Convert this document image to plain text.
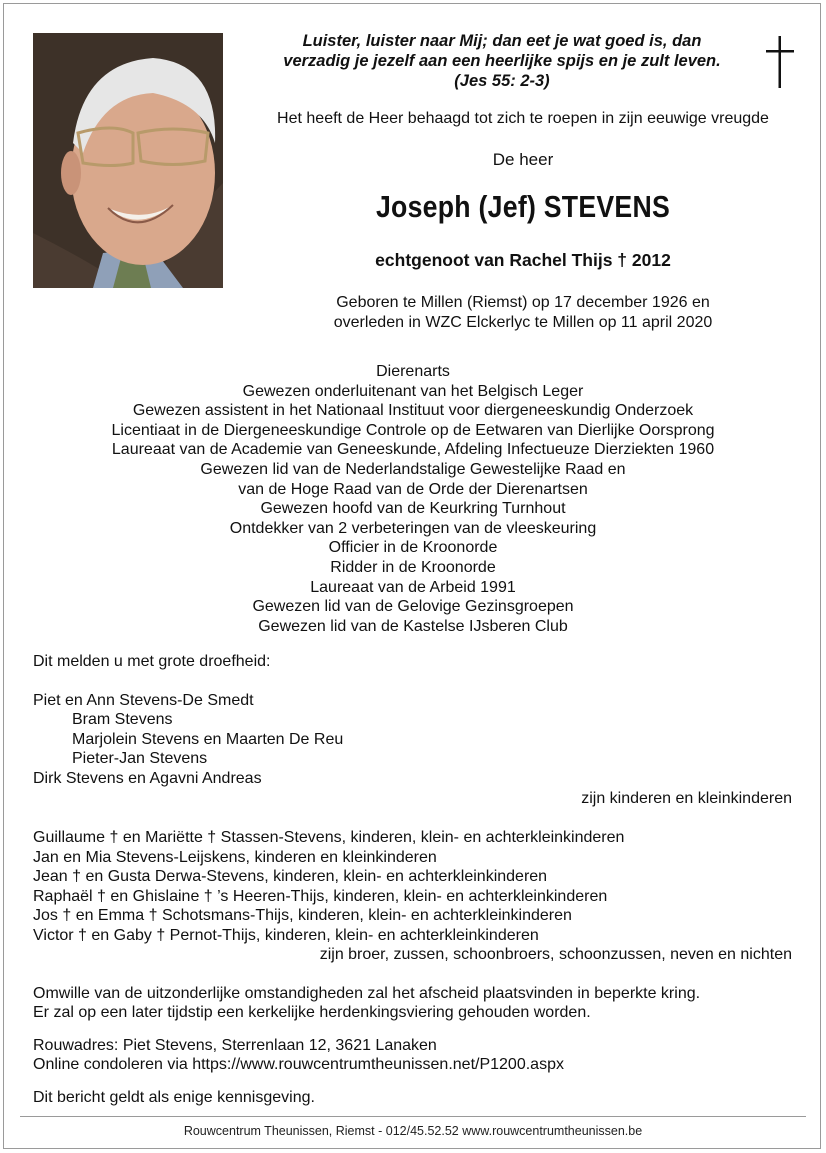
Luister, luister naar Mij; dan eet je wat goed is, dan
verzadig je jezelf aan een heerlijke spijs en je zult leven.
(Jes 55: 2-3)
Het heeft de Heer behaagd tot zich te roepen in zijn eeuwige vreugde
De heer
Joseph (Jef) STEVENS
echtgenoot van Rachel Thijs † 2012
Geboren te Millen (Riemst) op 17 december 1926 en
overleden in WZC Elckerlyc te Millen op 11 april 2020
Dierenarts
Gewezen onderluitenant van het Belgisch Leger
Gewezen assistent in het Nationaal Instituut voor diergeneeskundig Onderzoek
Licentiaat in de Diergeneeskundige Controle op de Eetwaren van Dierlijke Oorsprong
Laureaat van de Academie van Geneeskunde, Afdeling Infectueuze Dierziekten 1960
Gewezen lid van de Nederlandstalige Gewestelijke Raad en
van de Hoge Raad van de Orde der Dierenartsen
Gewezen hoofd van de Keurkring Turnhout
Ontdekker van 2 verbeteringen van de vleeskeuring
Officier in de Kroonorde
Ridder in de Kroonorde
Laureaat van de Arbeid 1991
Gewezen lid van de Gelovige Gezinsgroepen
Gewezen lid van de Kastelse IJsberen Club
Dit melden u met grote droefheid:
Piet en Ann Stevens-De Smedt
Bram Stevens
Marjolein Stevens en Maarten De Reu
Pieter-Jan Stevens
Dirk Stevens en Agavni Andreas
zijn kinderen en kleinkinderen
Guillaume † en Mariëtte † Stassen-Stevens, kinderen, klein- en achterkleinkinderen
Jan en Mia Stevens-Leijskens, kinderen en kleinkinderen
Jean † en Gusta Derwa-Stevens, kinderen, klein- en achterkleinkinderen
Raphaël † en Ghislaine † ’s Heeren-Thijs, kinderen, klein- en achterkleinkinderen
Jos † en Emma † Schotsmans-Thijs, kinderen, klein- en achterkleinkinderen
Victor † en Gaby † Pernot-Thijs, kinderen, klein- en achterkleinkinderen
zijn broer, zussen, schoonbroers, schoonzussen, neven en nichten
Omwille van de uitzonderlijke omstandigheden zal het afscheid plaatsvinden in beperkte kring.
Er zal op een later tijdstip een kerkelijke herdenkingsviering gehouden worden.
Rouwadres: Piet Stevens, Sterrenlaan 12, 3621 Lanaken
Online condoleren via https://www.rouwcentrumtheunissen.net/P1200.aspx
Dit bericht geldt als enige kennisgeving.
Rouwcentrum Theunissen, Riemst - 012/45.52.52 www.rouwcentrumtheunissen.be
